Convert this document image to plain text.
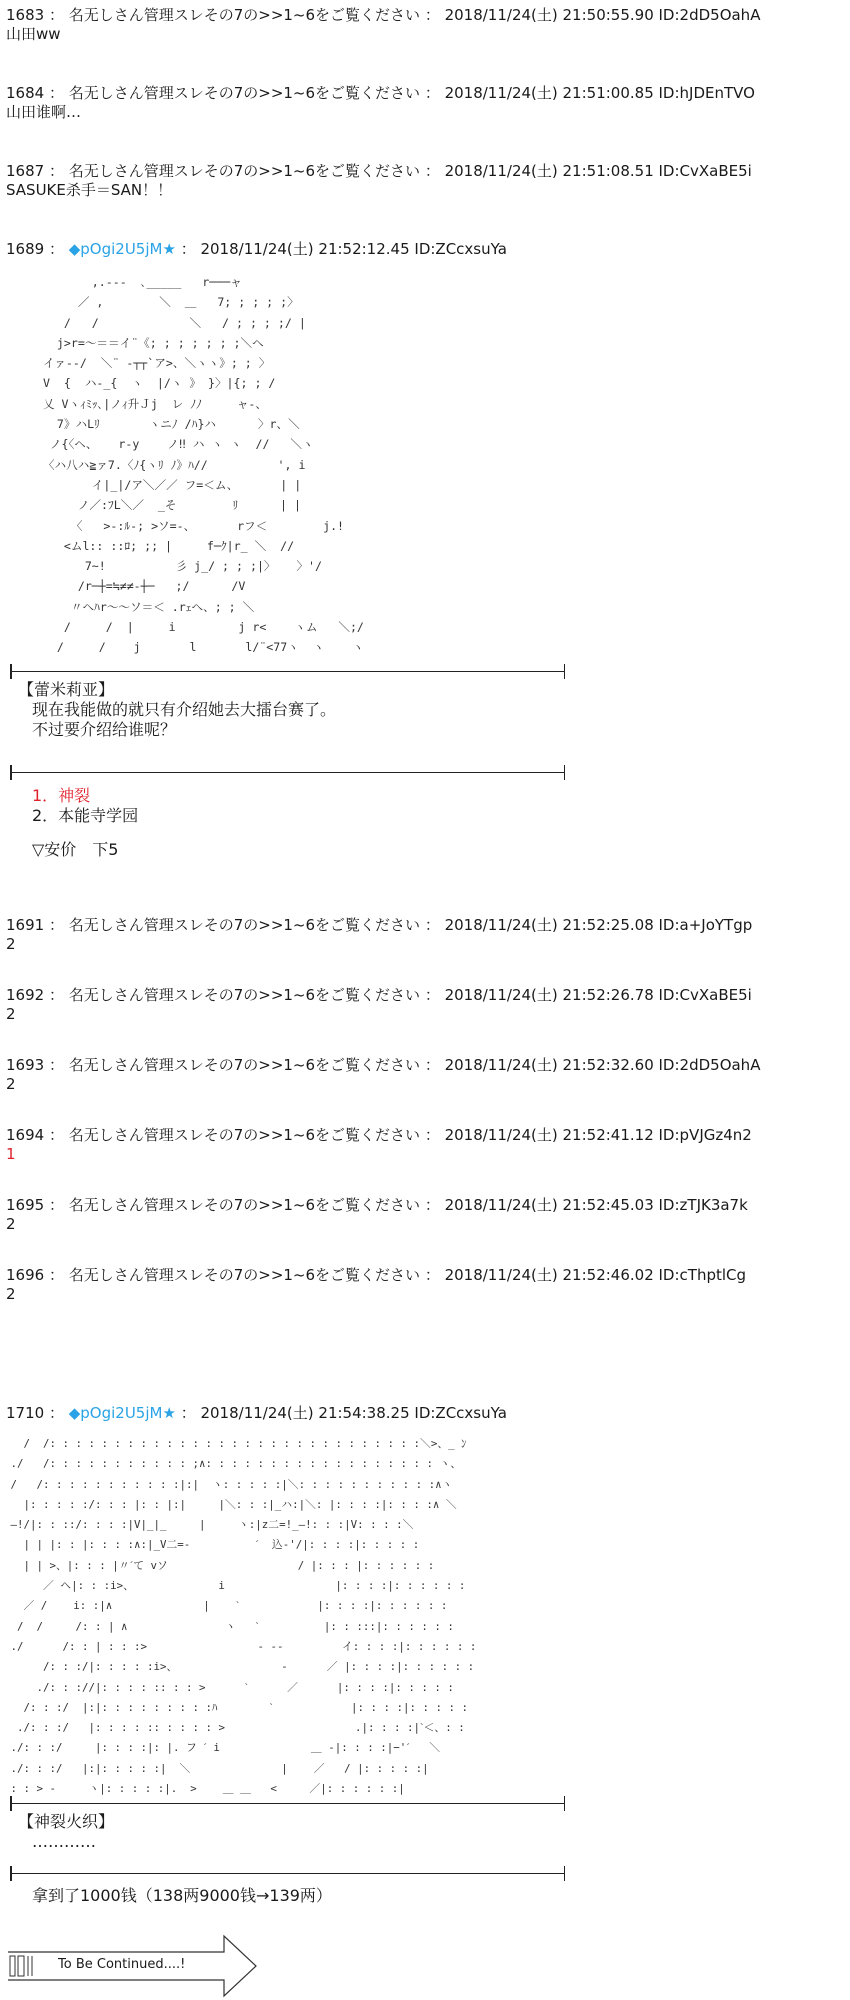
1683 ： 名无しさん管理スレその7の>>1~6をご覧ください ： 2018/11/24(土) 21:50:55.90 ID:2dD5OahA
山田ww
1684 ： 名无しさん管理スレその7の>>1~6をご覧ください ： 2018/11/24(土) 21:51:00.85 ID:hJDEnTVO
山田谁啊…
1687 ： 名无しさん管理スレその7の>>1~6をご覧ください ： 2018/11/24(土) 21:51:08.51 ID:CvXaBE5i
SASUKE杀手＝SAN！！
1689 ： ◆pOgi2U5jM★ ： 2018/11/24(土) 21:52:12.45 ID:ZCcxsuYa
,.---  ､_____   r───ャ
／ ,        ＼  ＿   7; ; ; ; ;〉
/   /             ＼   / ; ; ; ;/ |
j>r=～＝＝イ¨《; ; ; ; ; ; ;＼へ
イァ‐-/  ＼¨ ‐┬┬`ア>、＼ヽヽ》; ; 〉
V  {  ハ-_{  ヽ  |/ヽ 》 }〉|{; ; /
乂 Vヽｨﾐｯ､|ノｨ升Ｊj  レ ﾉﾉ     ャ-、
7》ハLﾘ       ヽニﾉ /ﾊ}ハ      〉r、＼
ノ{〈ヘ、   r‐y    ノ‼ ハ ヽ ヽ  //   ＼ヽ
〈ハ八ハ≧ァ7.〈ﾉ{ヽﾘ ﾉ》ﾊ//          ', i
イ|_|/ア＼／／ フ=＜ム、      | |
ノ／:ﾌL＼／  _そ        ﾘ      | |
〈   >-:ﾙ-; >ソ=-、      rフ＜        j.!
<ムl:: ::ﾛ; ;; |     f─ｸ|r_ ＼  //
7~!          彡 j_/ ; ; ;|〉   〉'/
/r─┼=≒≠≠‐┼─   ;/      /V
〃へﾊr～～ソ＝＜ .rｪへ、; ; ＼
/     /  |     i         j r<    ヽム   ＼;/
/     /    j       l       l/¨<77ヽ  ヽ    ヽ
【蕾米莉亚】
现在我能做的就只有介绍她去大擂台赛了。
不过要介绍给谁呢？
1．神裂
2．本能寺学园
▽安价　下5
1691 ： 名无しさん管理スレその7の>>1~6をご覧ください ： 2018/11/24(土) 21:52:25.08 ID:a+JoYTgp
2
1692 ： 名无しさん管理スレその7の>>1~6をご覧ください ： 2018/11/24(土) 21:52:26.78 ID:CvXaBE5i
2
1693 ： 名无しさん管理スレその7の>>1~6をご覧ください ： 2018/11/24(土) 21:52:32.60 ID:2dD5OahA
2
1694 ： 名无しさん管理スレその7の>>1~6をご覧ください ： 2018/11/24(土) 21:52:41.12 ID:pVJGz4n2
1
1695 ： 名无しさん管理スレその7の>>1~6をご覧ください ： 2018/11/24(土) 21:52:45.03 ID:zTJK3a7k
2
1696 ： 名无しさん管理スレその7の>>1~6をご覧ください ： 2018/11/24(土) 21:52:46.02 ID:cThptlCg
2
1710 ： ◆pOgi2U5jM★ ： 2018/11/24(土) 21:54:38.25 ID:ZCcxsuYa
/  /: : : : : : : : : : : : : : : : : : : : : : : : : : : : :＼>、_ ﾝ
./   /: : : : : : : : : : : ;∧: : : : : : : : : : : : : : : : : : ヽ、
/   /: : : : : : : : : : :|:|  ヽ: : : : :|＼: : : : : : : : : : :∧ヽ
|: : : : :/: : : |: : |:|     |＼: : :|_ハ:|＼: |: : : :|: : : :∧ ＼
–!/|: : ::/: : : :|V|_|_     |     ヽ:|z二=!_–!: : :|V: : : :＼
| | |: : |: : : :∧:|_V二=-          ˊ  込-'/|: : : :|: : : : :
| | >、|: : : |〃ˊて vソ                    / |: : : |: : : : : :
／ ヘ|: : :i>、             i                 |: : : :|: : : : : :
／ /    i: :|∧              |    ˋ            |: : : :|: : : : : :
/  /     /: : | ∧               ヽ   ˋ          |: : :::|: : : : : :
./      /: : | : : :>                 ‐ ‐‐         イ: : : :|: : : : : :
/: : :/|: : : : :i>、                ‐      ／ |: : : :|: : : : : :
./: : ://|: : : : :: : : >      ˋ      ／      |: : : :|: : : : :
/: : :/  |:|: : : : : : : : :ﾊ        ˋ            |: : : :|: : : : :
./: : :/   |: : : : :: : : : : >                    .|: : : :|ˋ＜、: :
./: : :/     |: : : :|: |. フ ˊ i              ＿ ‐|: : : :|−'ˊ   ＼
./: : :/   |:|: : : : :|  ＼              |    ／   / |: : : : :|
: : > ‐     ヽ|: : : : :|.  >    ＿ ＿   <     ／|: : : : : :|
【神裂火织】
…………
拿到了1000钱（138两9000钱→139两）
To Be Continued....!
